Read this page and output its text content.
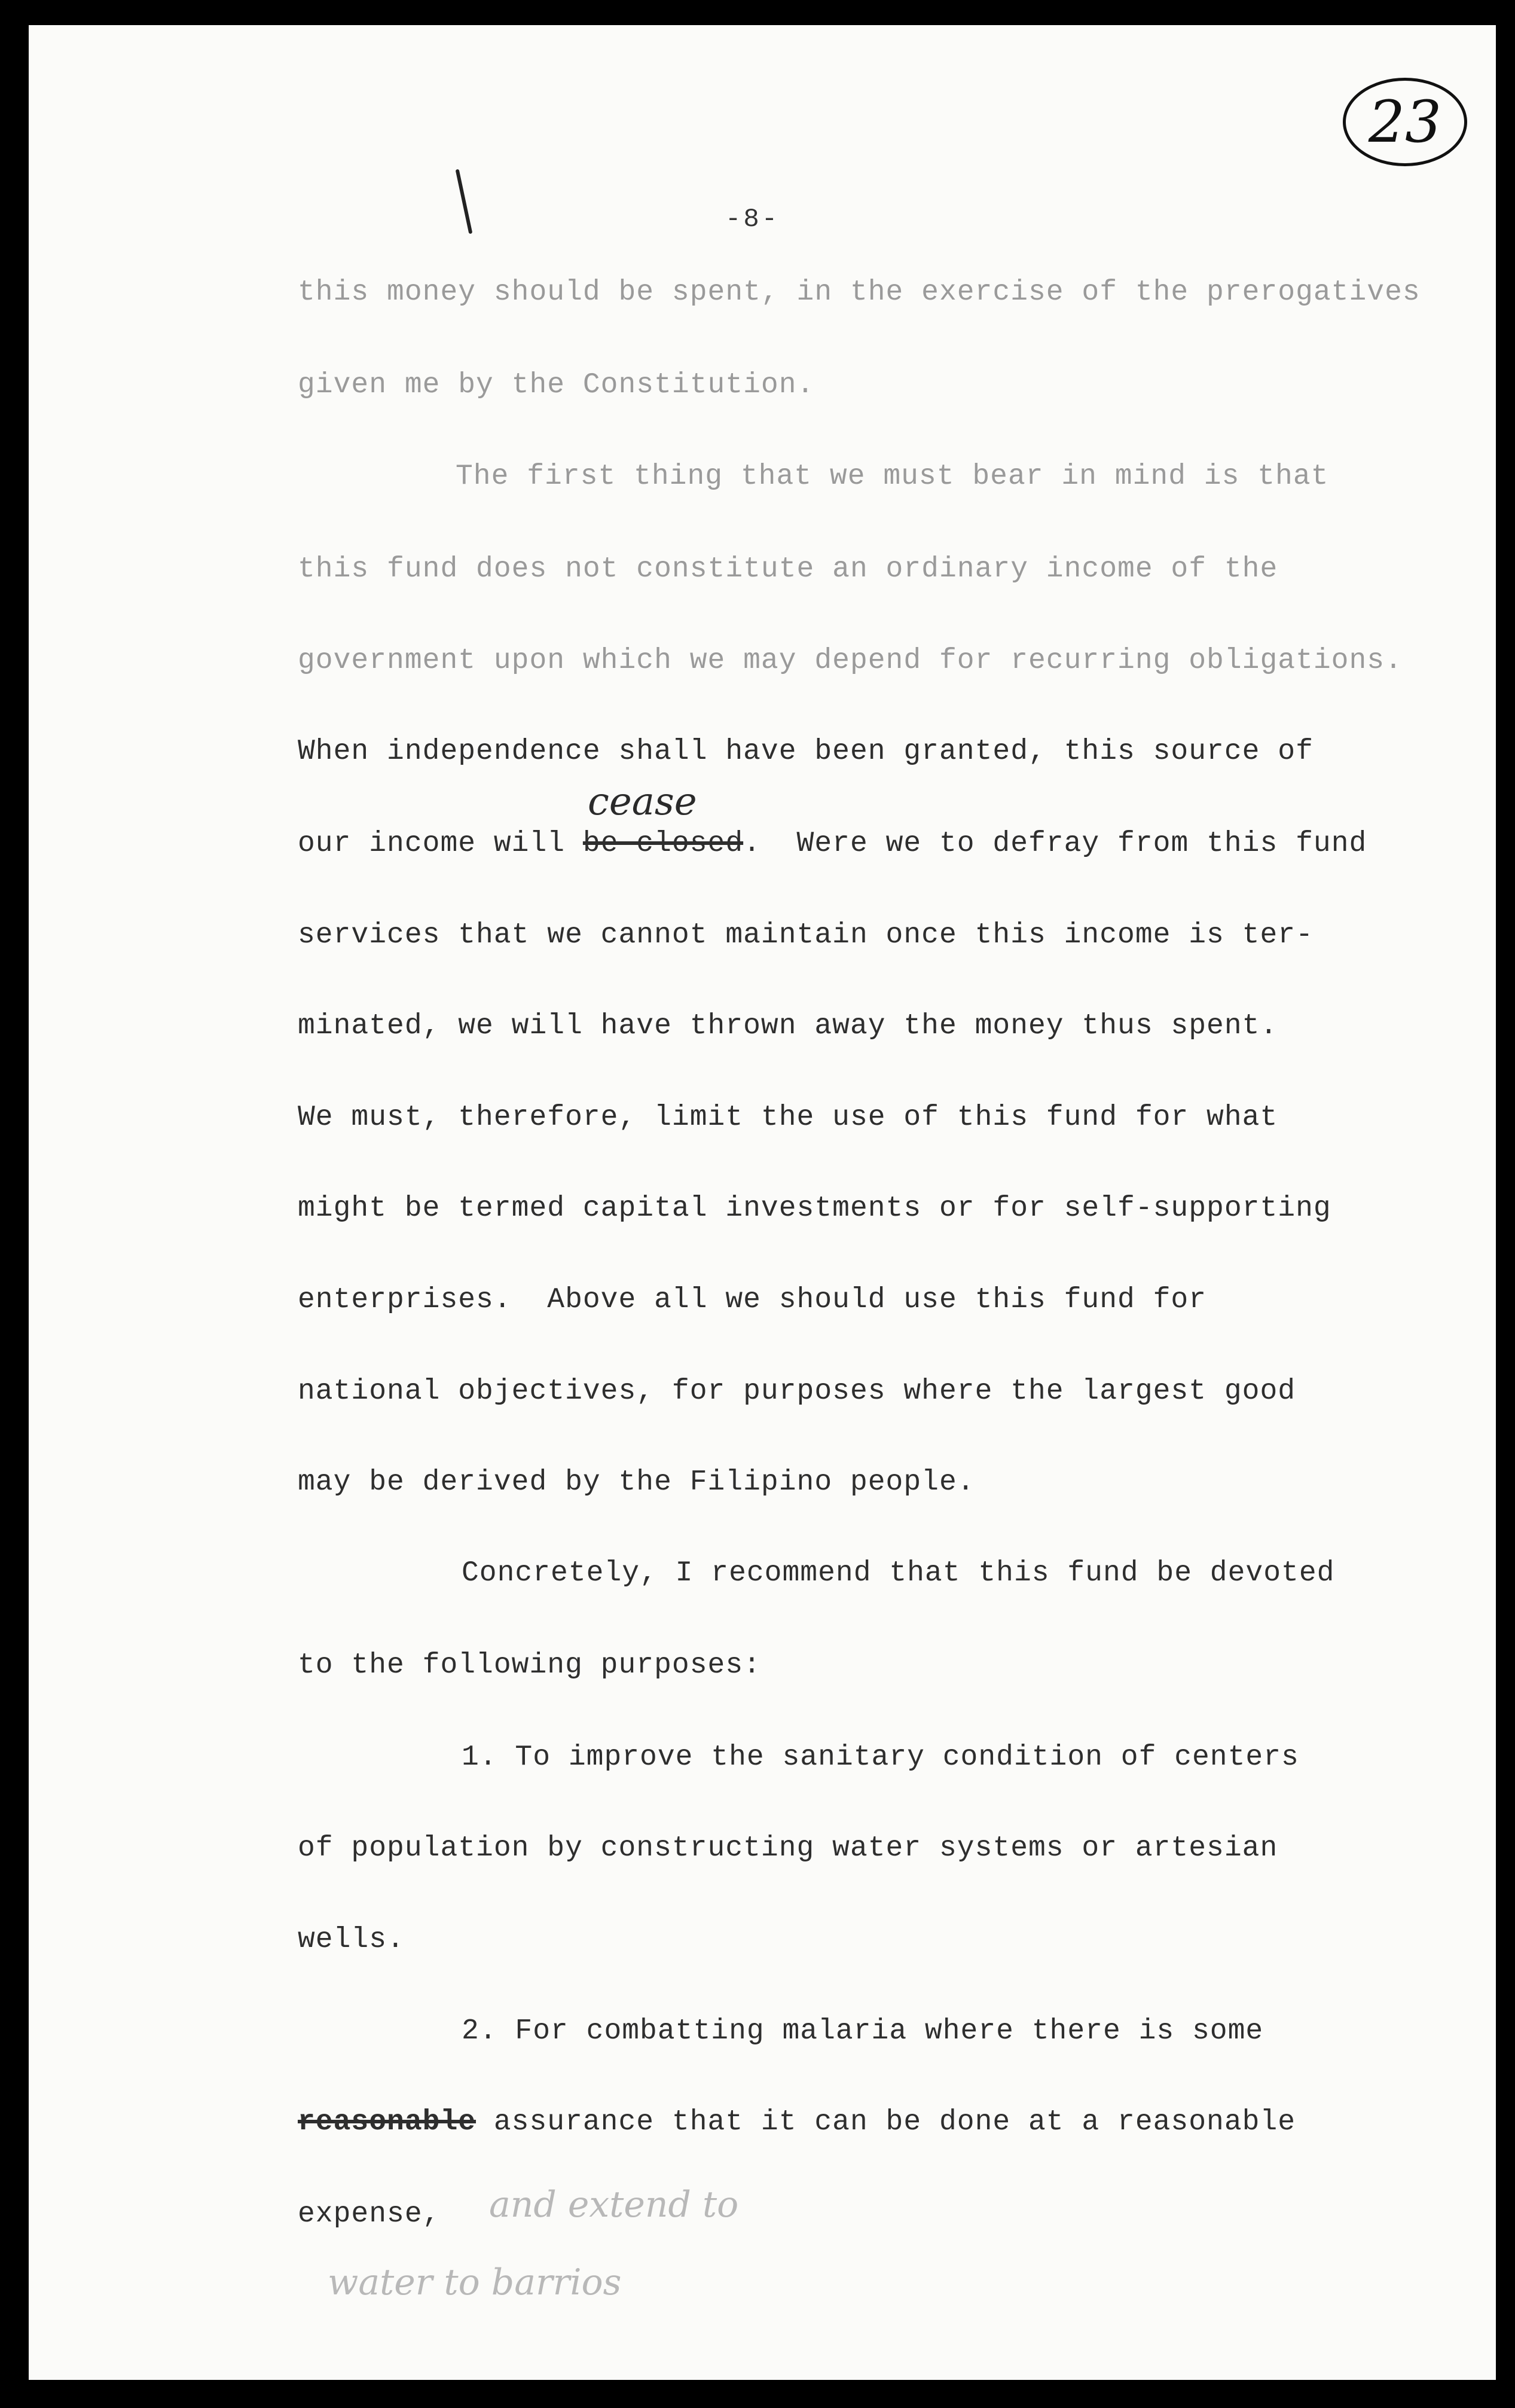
23
-8-
this money should be spent, in the exercise of the prerogatives
given me by the Constitution.
The first thing that we must bear in mind is that
this fund does not constitute an ordinary income of the
government upon which we may depend for recurring obligations.
When independence shall have been granted, this source of
cease
our income will be closed.  Were we to defray from this fund
services that we cannot maintain once this income is ter-
minated, we will have thrown away the money thus spent.
We must, therefore, limit the use of this fund for what
might be termed capital investments or for self-supporting
enterprises.  Above all we should use this fund for
national objectives, for purposes where the largest good
may be derived by the Filipino people.
Concretely, I recommend that this fund be devoted
to the following purposes:
1. To improve the sanitary condition of centers
of population by constructing water systems or artesian
wells.
2. For combatting malaria where there is some
reasonable assurance that it can be done at a reasonable
expense, and extend to
water to barrios
